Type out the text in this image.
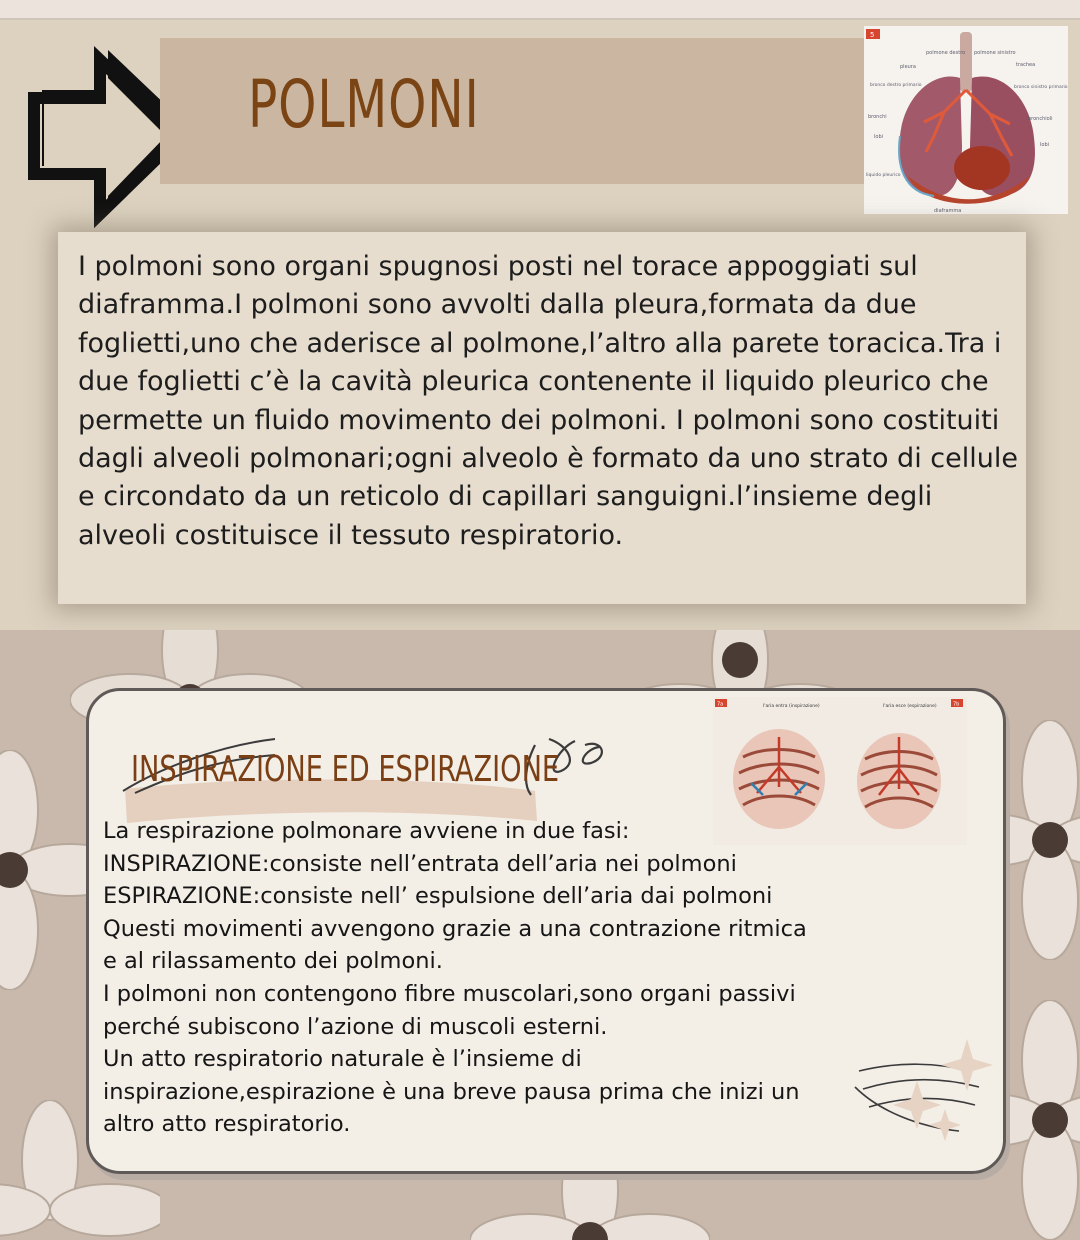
POLMONI
5
pleura
polmone destro polmone sinistro
trachea
bronco destro primario	bronco sinistro primario
bronchi	bronchioli
lobi
lobi
liquido pleurico
diaframma

I polmoni sono organi spugnosi posti nel torace appoggiati sul diaframma.I polmoni sono avvolti dalla pleura,formata da due foglietti,uno che aderisce al polmone,l’altro alla parete toracica.Tra i due foglietti c’è la cavità pleurica contenente il liquido pleurico che permette un fluido movimento dei polmoni. I polmoni sono costituiti dagli alveoli polmonari;ogni alveolo è formato da uno strato di cellule e circondato da un reticolo di capillari sanguigni.l’insieme degli alveoli costituisce il tessuto respiratorio.

INSPIRAZIONE ED ESPIRAZIONE
7a	7b
l'aria entra (inspirazione)	l'aria esce (espirazione)
La respirazione polmonare avviene in due fasi:
INSPIRAZIONE:consiste nell’entrata dell’aria nei polmoni
ESPIRAZIONE:consiste nell’ espulsione dell’aria dai polmoni
Questi movimenti avvengono grazie a una contrazione ritmica
e al rilassamento dei polmoni.
I polmoni non contengono fibre muscolari,sono organi passivi
perché subiscono l’azione di muscoli esterni.
Un atto respiratorio naturale è l’insieme di
inspirazione,espirazione è una breve pausa prima che inizi un
altro atto respiratorio.
